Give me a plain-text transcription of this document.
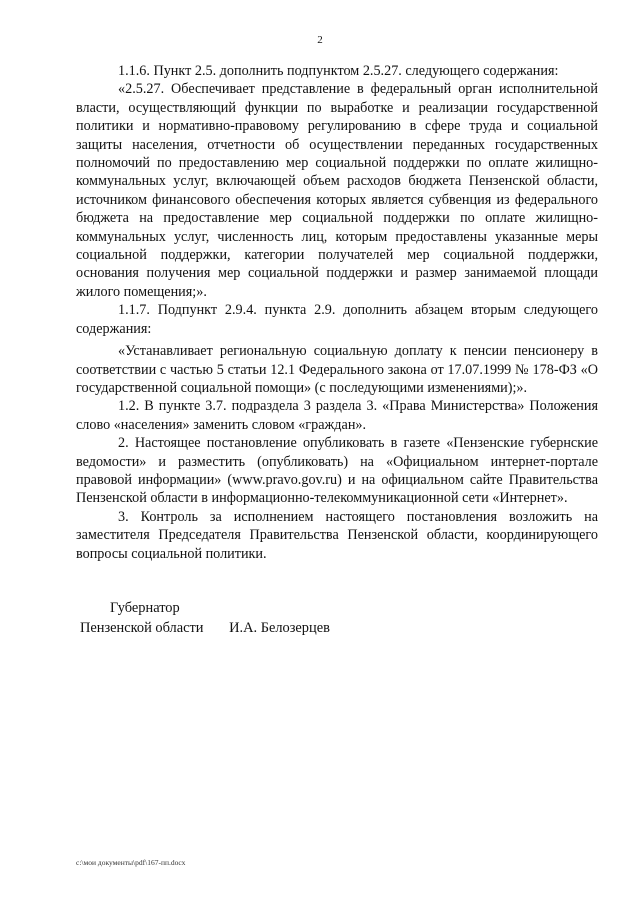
2

1.1.6. Пункт 2.5. дополнить подпунктом 2.5.27. следующего содержания:

«2.5.27. Обеспечивает представление в федеральный орган исполнительной власти, осуществляющий функции по выработке и реализации государственной политики и нормативно-правовому регулированию в сфере труда и социальной защиты населения, отчетности об осуществлении переданных государственных полномочий по предоставлению мер социальной поддержки по оплате жилищно-коммунальных услуг, включающей объем расходов бюджета Пензенской области, источником финансового обеспечения которых является субвенция из федерального бюджета на предоставление мер социальной поддержки по оплате жилищно-коммунальных услуг, численность лиц, которым предоставлены указанные меры социальной поддержки, категории получателей мер социальной поддержки, основания получения мер социальной поддержки и размер занимаемой площади жилого помещения;».

1.1.7. Подпункт 2.9.4. пункта 2.9. дополнить абзацем вторым следующего содержания:

«Устанавливает региональную социальную доплату к пенсии пенсионеру в соответствии с частью 5 статьи 12.1 Федерального закона от 17.07.1999 № 178-ФЗ «О государственной социальной помощи» (с последующими изменениями);».

1.2. В пункте 3.7. подраздела 3 раздела 3. «Права Министерства» Положения слово «населения» заменить словом «граждан».

2. Настоящее постановление опубликовать в газете «Пензенские губернские ведомости» и разместить (опубликовать) на «Официальном интернет-портале правовой информации» (www.pravo.gov.ru) и на официальном сайте Правительства Пензенской области в информационно-телекоммуникационной сети «Интернет».

3. Контроль за исполнением настоящего постановления возложить на заместителя Председателя Правительства Пензенской области, координирующего вопросы социальной политики.

Губернатор
Пензенской области И.А. Белозерцев
c:\мои документы\pdf\167-пп.docx
